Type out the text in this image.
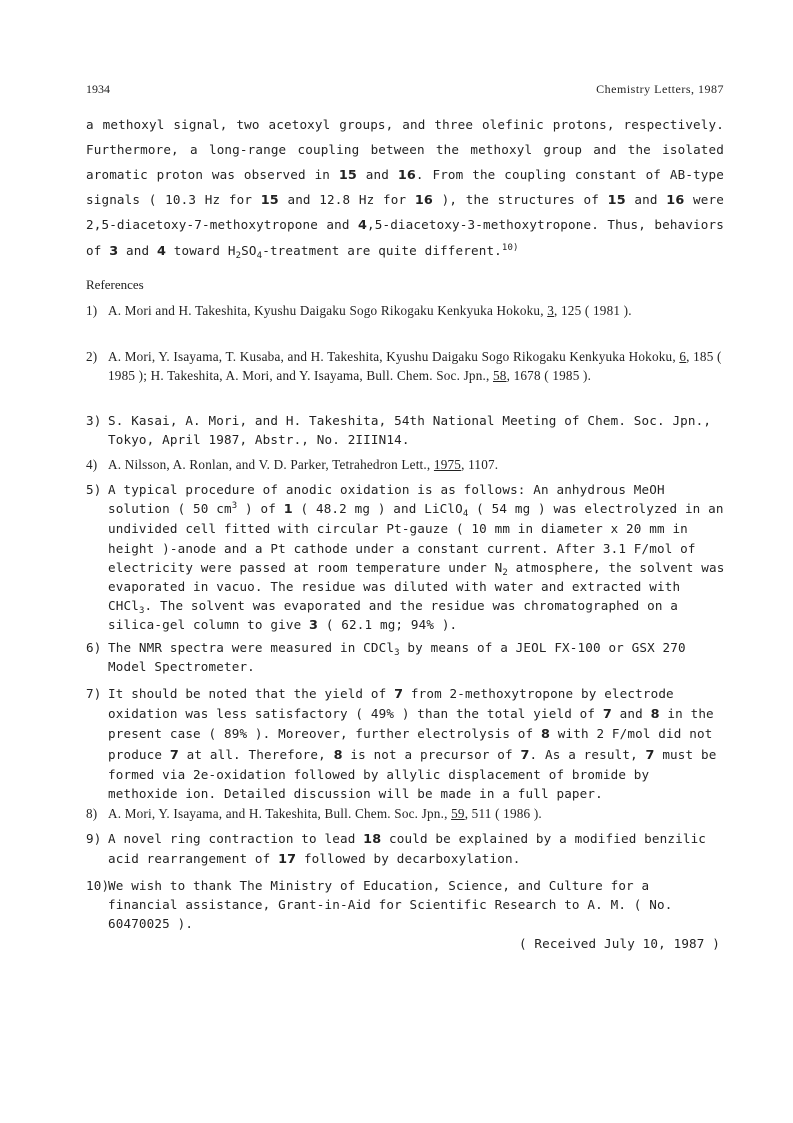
1934	Chemistry Letters, 1987
a methoxyl signal, two acetoxyl groups, and three olefinic protons, respectively.
Furthermore, a long-range coupling between the methoxyl group and the isolated
aromatic proton was observed in 15 and 16. From the coupling constant of AB-type
signals ( 10.3 Hz for 15 and 12.8 Hz for 16 ), the structures of 15 and 16 were
2,5-diacetoxy-7-methoxytropone and 4,5-diacetoxy-3-methoxytropone. Thus, behaviors
of 3 and 4 toward $H_2SO_4$-treatment are quite different.$^{10)}$
References
1) A. Mori and H. Takeshita, Kyushu Daigaku Sogo Rikogaku Kenkyuka Hokoku, 3, 125 ( 1981 ).
2) A. Mori, Y. Isayama, T. Kusaba, and H. Takeshita, Kyushu Daigaku Sogo Rikogaku Kenkyuka Hokoku, 6, 185 ( 1985 ); H. Takeshita, A. Mori, and Y. Isayama, Bull. Chem. Soc. Jpn., 58, 1678 ( 1985 ).
3) S. Kasai, A. Mori, and H. Takeshita, 54th National Meeting of Chem. Soc. Jpn., Tokyo, April 1987, Abstr., No. 2IIIN14.
4) A. Nilsson, A. Ronlan, and V. D. Parker, Tetrahedron Lett., 1975, 1107.
5) A typical procedure of anodic oxidation is as follows: An anhydrous MeOH solution ( 50 $cm^3$ ) of 1 ( 48.2 mg ) and LiClO$_4$ ( 54 mg ) was electrolyzed in an undivided cell fitted with circular Pt-gauze ( 10 mm in diameter x 20 mm in height )-anode and a Pt cathode under a constant current. After 3.1 F/mol of electricity were passed at room temperature under $N_2$ atmosphere, the solvent was evaporated in vacuo. The residue was diluted with water and extracted with CHCl$_3$. The solvent was evaporated and the residue was chromatographed on a silica-gel column to give 3 ( 62.1 mg; 94% ).
6) The NMR spectra were measured in CDCl$_3$ by means of a JEOL FX-100 or GSX 270 Model Spectrometer.
7) It should be noted that the yield of 7 from 2-methoxytropone by electrode oxidation was less satisfactory ( 49% ) than the total yield of 7 and 8 in the present case ( 89% ). Moreover, further electrolysis of 8 with 2 F/mol did not produce 7 at all. Therefore, 8 is not a precursor of 7. As a result, 7 must be formed via 2e-oxidation followed by allylic displacement of bromide by methoxide ion. Detailed discussion will be made in a full paper.
8) A. Mori, Y. Isayama, and H. Takeshita, Bull. Chem. Soc. Jpn., 59, 511 ( 1986 ).
9) A novel ring contraction to lead 18 could be explained by a modified benzilic acid rearrangement of 17 followed by decarboxylation.
10)
We wish to thank The Ministry of Education, Science, and Culture for a financial assistance, Grant-in-Aid for Scientific Research to A. M. ( No. 60470025 ).
( Received July 10, 1987 )
